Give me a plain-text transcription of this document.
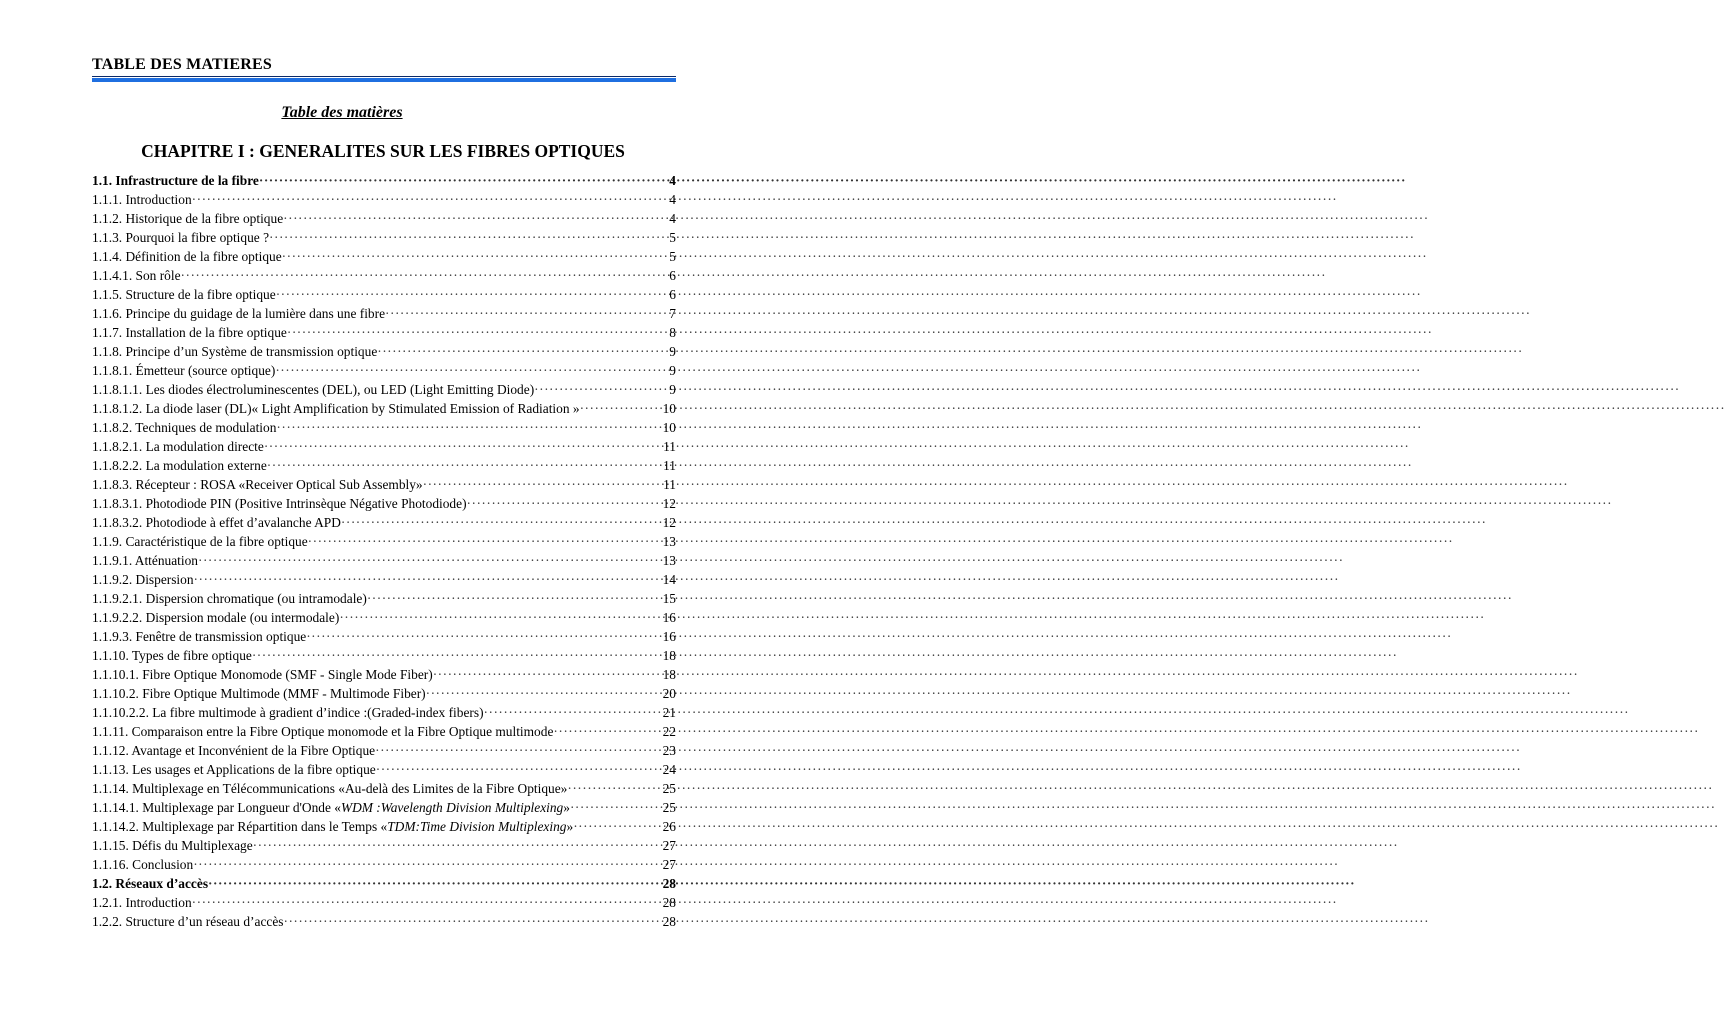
TABLE DES MATIERES
Table des matières
CHAPITRE I : GENERALITES SUR LES FIBRES OPTIQUES
1.1. Infrastructure de la fibre ·····	4
1.1.1. Introduction ·····	4
1.1.2. Historique de la fibre optique ·····	4
1.1.3. Pourquoi la fibre optique ? ·····	5
1.1.4. Définition de la fibre optique ·····	5
1.1.4.1. Son rôle ·····	6
1.1.5. Structure de la fibre optique ·····	6
1.1.6. Principe du guidage de la lumière dans une fibre ·····	7
1.1.7. Installation de la fibre optique ·····	8
1.1.8. Principe d’un Système de transmission optique ·····	9
1.1.8.1. Émetteur (source optique) ·····	9
1.1.8.1.1. Les diodes électroluminescentes (DEL), ou LED (Light Emitting Diode) ·····	9
1.1.8.1.2. La diode laser (DL)« Light Amplification by Stimulated Emission of Radiation » ·····	10
1.1.8.2. Techniques de modulation ·····	10
1.1.8.2.1. La modulation directe ·····	11
1.1.8.2.2. La modulation externe ·····	11
1.1.8.3. Récepteur : ROSA «Receiver Optical Sub Assembly» ·····	11
1.1.8.3.1. Photodiode PIN (Positive Intrinsèque Négative Photodiode) ·····	12
1.1.8.3.2. Photodiode à effet d’avalanche APD ·····	12
1.1.9. Caractéristique de la fibre optique ·····	13
1.1.9.1. Atténuation ·····	13
1.1.9.2. Dispersion ·····	14
1.1.9.2.1. Dispersion chromatique (ou intramodale) ·····	15
1.1.9.2.2. Dispersion modale (ou intermodale) ·····	16
1.1.9.3. Fenêtre de transmission optique ·····	16
1.1.10. Types de fibre optique ·····	18
1.1.10.1. Fibre Optique Monomode (SMF - Single Mode Fiber) ·····	18
1.1.10.2. Fibre Optique Multimode (MMF - Multimode Fiber) ·····	20
1.1.10.2.2. La fibre multimode à gradient d’indice :(Graded-index fibers) ·····	21
1.1.11. Comparaison entre la Fibre Optique monomode et la Fibre Optique multimode ·····	22
1.1.12. Avantage et Inconvénient de la Fibre Optique ·····	23
1.1.13. Les usages et Applications de la fibre optique ·····	24
1.1.14. Multiplexage en Télécommunications «Au-delà des Limites de la Fibre Optique» ·····	25
1.1.14.1. Multiplexage par Longueur d'Onde «WDM :Wavelength Division Multiplexing» ·····	25
1.1.14.2. Multiplexage par Répartition dans le Temps «TDM:Time Division Multiplexing» ·····	26
1.1.15. Défis du Multiplexage ·····	27
1.1.16. Conclusion ·····	27
1.2. Réseaux d’accès ·····	28
1.2.1. Introduction ·····	28
1.2.2. Structure d’un réseau d’accès ·····	28
